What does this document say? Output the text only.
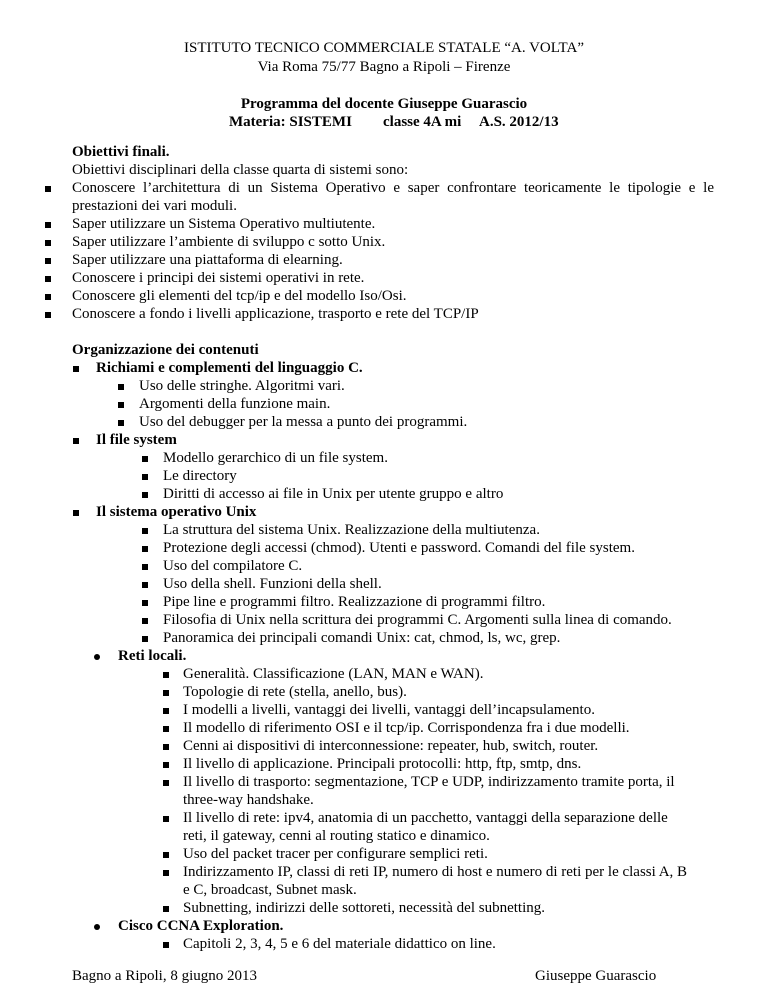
ISTITUTO TECNICO COMMERCIALE STATALE “A. VOLTA”
Via Roma 75/77 Bagno a Ripoli – Firenze
Programma del docente Giuseppe Guarascio
Materia: SISTEMI classe 4A mi A.S. 2012/13
Obiettivi finali.
Obiettivi disciplinari della classe quarta di sistemi sono:
Conoscere l’architettura di un Sistema Operativo e saper confrontare teoricamente le tipologie e le
prestazioni dei vari moduli.
Saper utilizzare un Sistema Operativo multiutente.
Saper utilizzare l’ambiente di sviluppo c sotto Unix.
Saper utilizzare una piattaforma di elearning.
Conoscere i principi dei sistemi operativi in rete.
Conoscere gli elementi del tcp/ip e del modello Iso/Osi.
Conoscere a fondo i livelli applicazione, trasporto e rete del TCP/IP
Organizzazione dei contenuti
Richiami e complementi del linguaggio C.
Uso delle stringhe. Algoritmi vari.
Argomenti della funzione main.
Uso del debugger per la messa a punto dei programmi.
Il file system
Modello gerarchico di un file system.
Le directory
Diritti di accesso ai file in Unix per utente gruppo e altro
Il sistema operativo Unix
La struttura del sistema Unix. Realizzazione della multiutenza.
Protezione degli accessi (chmod). Utenti e password. Comandi del file system.
Uso del compilatore C.
Uso della shell. Funzioni della shell.
Pipe line e programmi filtro. Realizzazione di programmi filtro.
Filosofia di Unix nella scrittura dei programmi C. Argomenti sulla linea di comando.
Panoramica dei principali comandi Unix: cat, chmod, ls, wc, grep.
Reti locali.
Generalità. Classificazione (LAN, MAN e WAN).
Topologie di rete (stella, anello, bus).
I modelli a livelli, vantaggi dei livelli, vantaggi dell’incapsulamento.
Il modello di riferimento OSI e il tcp/ip. Corrispondenza fra i due modelli.
Cenni ai dispositivi di interconnessione: repeater, hub, switch, router.
Il livello di applicazione. Principali protocolli: http, ftp, smtp, dns.
Il livello di trasporto: segmentazione, TCP e UDP, indirizzamento tramite porta, il
three-way handshake.
Il livello di rete: ipv4, anatomia di un pacchetto, vantaggi della separazione delle
reti, il gateway, cenni al routing statico e dinamico.
Uso del packet tracer per configurare semplici reti.
Indirizzamento IP, classi di reti IP, numero di host e numero di reti per le classi A, B
e C, broadcast, Subnet mask.
Subnetting, indirizzi delle sottoreti, necessità del subnetting.
Cisco CCNA Exploration.
Capitoli 2, 3, 4, 5 e 6 del materiale didattico on line.
Bagno a Ripoli, 8 giugno 2013	Giuseppe Guarascio
